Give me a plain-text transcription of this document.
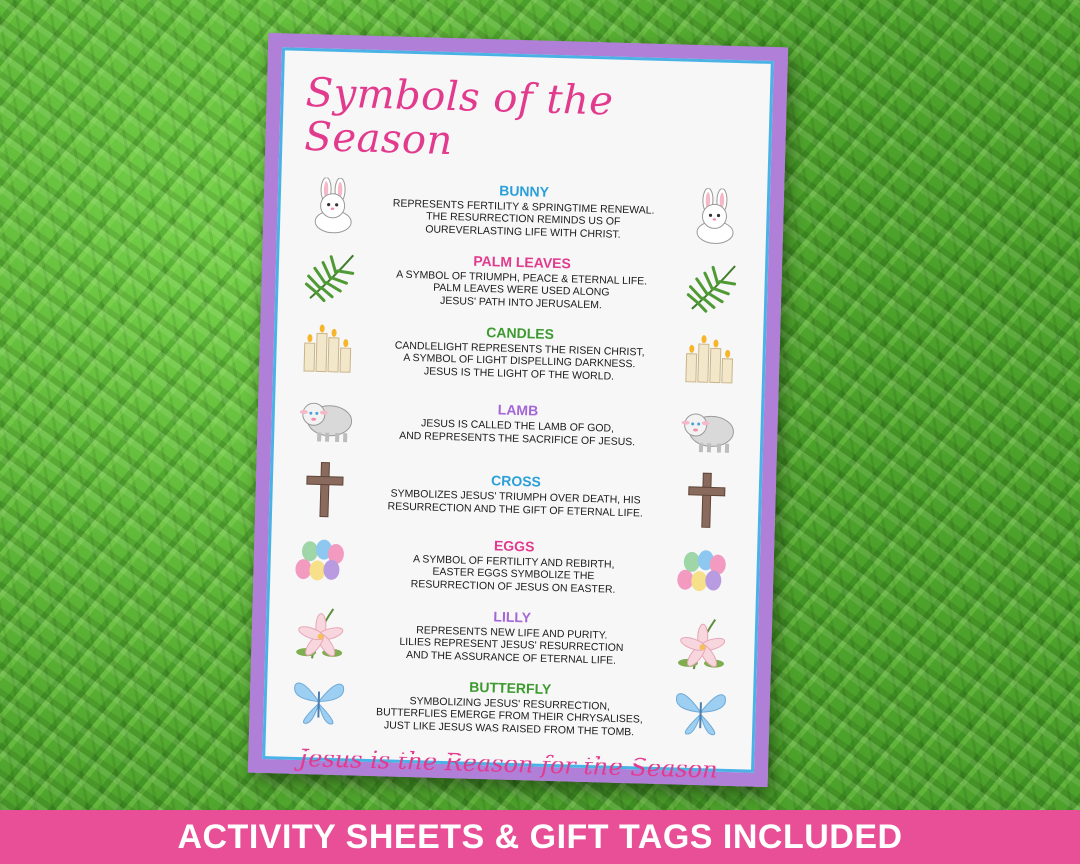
Symbols of the Season
BUNNY
REPRESENTS FERTILITY & SPRINGTIME RENEWAL.
THE RESURRECTION REMINDS US OF
OUREVERLASTING LIFE WITH CHRIST.
PALM LEAVES
A SYMBOL OF TRIUMPH, PEACE & ETERNAL LIFE.
PALM LEAVES WERE USED ALONG
JESUS' PATH INTO JERUSALEM.
CANDLES
CANDLELIGHT REPRESENTS THE RISEN CHRIST,
A SYMBOL OF LIGHT DISPELLING DARKNESS.
JESUS IS THE LIGHT OF THE WORLD.
LAMB
JESUS IS CALLED THE LAMB OF GOD,
AND REPRESENTS THE SACRIFICE OF JESUS.
CROSS
SYMBOLIZES JESUS' TRIUMPH OVER DEATH, HIS
RESURRECTION AND THE GIFT OF ETERNAL LIFE.
EGGS
A SYMBOL OF FERTILITY AND REBIRTH,
EASTER EGGS SYMBOLIZE THE
RESURRECTION OF JESUS ON EASTER.
LILLY
REPRESENTS NEW LIFE AND PURITY.
LILIES REPRESENT JESUS' RESURRECTION
AND THE ASSURANCE OF ETERNAL LIFE.
BUTTERFLY
SYMBOLIZING JESUS' RESURRECTION,
BUTTERFLIES EMERGE FROM THEIR CHRYSALISES,
JUST LIKE JESUS WAS RAISED FROM THE TOMB.
Jesus is the Reason for the Season
ACTIVITY SHEETS & GIFT TAGS INCLUDED
